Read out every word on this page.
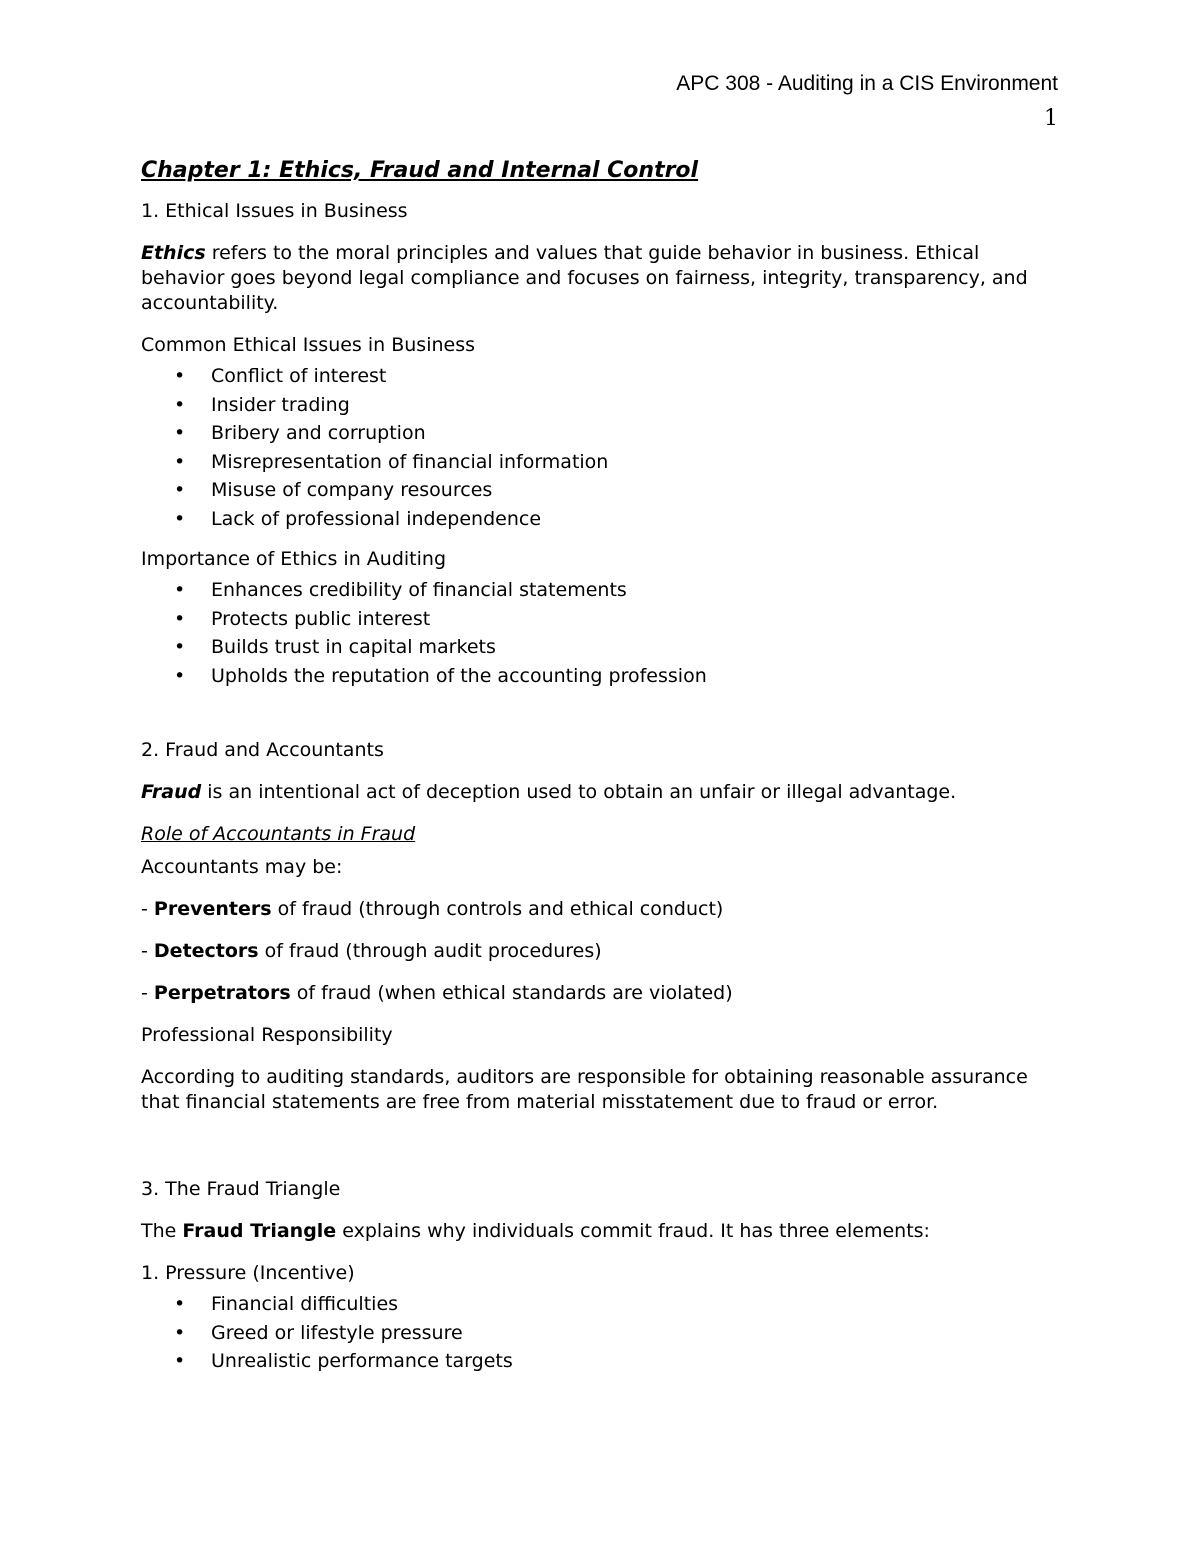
APC 308 - Auditing in a CIS Environment
1
Chapter 1: Ethics, Fraud and Internal Control

1. Ethical Issues in Business

Ethics refers to the moral principles and values that guide behavior in business. Ethical behavior goes beyond legal compliance and focuses on fairness, integrity, transparency, and accountability.

Common Ethical Issues in Business

• Conflict of interest
• Insider trading
• Bribery and corruption
• Misrepresentation of financial information
• Misuse of company resources
• Lack of professional independence

Importance of Ethics in Auditing

• Enhances credibility of financial statements
• Protects public interest
• Builds trust in capital markets
• Upholds the reputation of the accounting profession

2. Fraud and Accountants

Fraud is an intentional act of deception used to obtain an unfair or illegal advantage.

Role of Accountants in Fraud

Accountants may be:

- Preventers of fraud (through controls and ethical conduct)

- Detectors of fraud (through audit procedures)

- Perpetrators of fraud (when ethical standards are violated)

Professional Responsibility

According to auditing standards, auditors are responsible for obtaining reasonable assurance that financial statements are free from material misstatement due to fraud or error.

3. The Fraud Triangle

The Fraud Triangle explains why individuals commit fraud. It has three elements:

1. Pressure (Incentive)

• Financial difficulties
• Greed or lifestyle pressure
• Unrealistic performance targets
